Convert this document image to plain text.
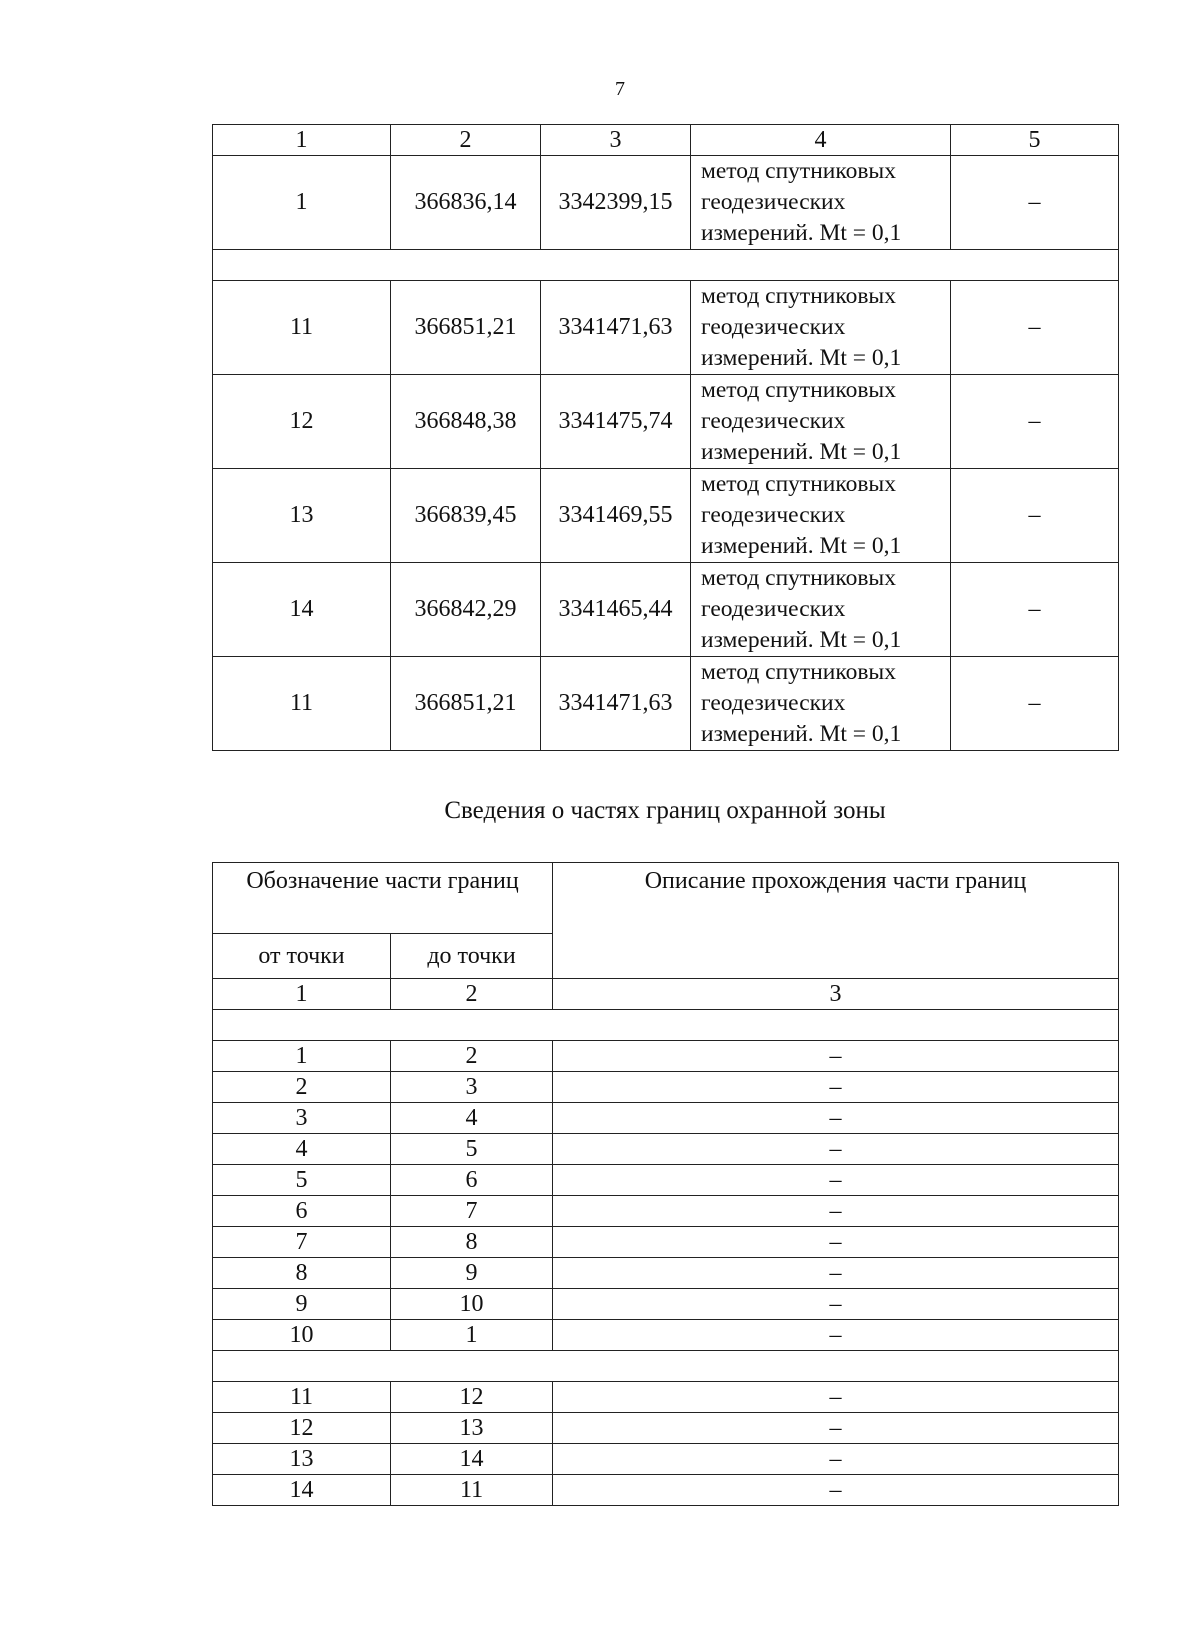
7
1	2	3	4	5
1	366836,14	3342399,15	метод спутниковых
геодезических
измерений. Mt = 0,1	–

11	366851,21	3341471,63	метод спутниковых
геодезических
измерений. Mt = 0,1	–
12	366848,38	3341475,74	метод спутниковых
геодезических
измерений. Mt = 0,1	–
13	366839,45	3341469,55	метод спутниковых
геодезических
измерений. Mt = 0,1	–
14	366842,29	3341465,44	метод спутниковых
геодезических
измерений. Mt = 0,1	–
11	366851,21	3341471,63	метод спутниковых
геодезических
измерений. Mt = 0,1	–
Сведения о частях границ охранной зоны
Обозначение части границ		Описание прохождения части границ
от точки	до точки	
1	2	3

1	2	–
2	3	–
3	4	–
4	5	–
5	6	–
6	7	–
7	8	–
8	9	–
9	10	–
10	1	–

11	12	–
12	13	–
13	14	–
14	11	–
